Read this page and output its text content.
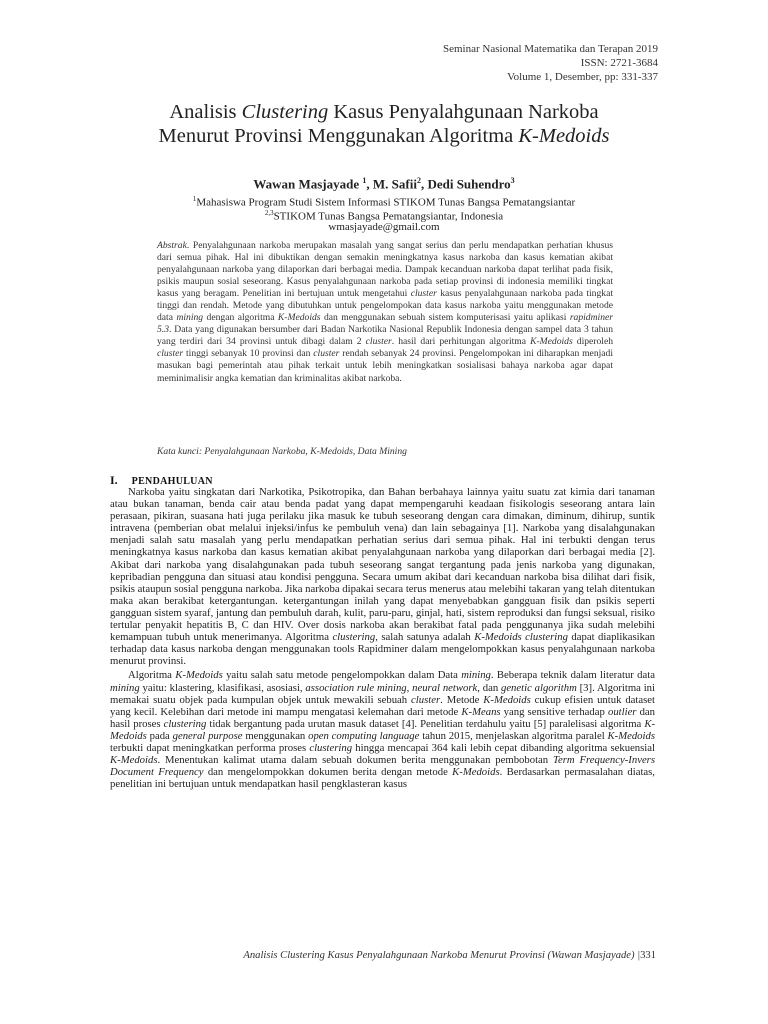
Seminar Nasional Matematika dan Terapan 2019
ISSN: 2721-3684
Volume 1, Desember, pp: 331-337
Analisis Clustering Kasus Penyalahgunaan Narkoba
Menurut Provinsi Menggunakan Algoritma K-Medoids
Wawan Masjayade $^1$, M. Safii$^2$, Dedi Suhendro$^3$
$^1$Mahasiswa Program Studi Sistem Informasi STIKOM Tunas Bangsa Pematangsiantar
$^{2,3}$STIKOM Tunas Bangsa Pematangsiantar, Indonesia
wmasjayade@gmail.com
Abstrak. Penyalahgunaan narkoba merupakan masalah yang sangat serius dan perlu mendapatkan perhatian khusus dari semua pihak. Hal ini dibuktikan dengan semakin meningkatnya kasus narkoba dan kasus kematian akibat penyalahgunaan narkoba yang dilaporkan dari berbagai media. Dampak kecanduan narkoba dapat terlihat pada fisik, psikis maupun sosial seseorang. Kasus penyalahgunaan narkoba pada setiap provinsi di indonesia memiliki tingkat kasus yang beragam. Penelitian ini bertujuan untuk mengetahui cluster kasus penyalahgunaan narkoba pada tingkat tinggi dan rendah. Metode yang dibutuhkan untuk pengelompokan data kasus narkoba yaitu menggunakan metode data mining dengan algoritma K-Medoids dan menggunakan sebuah sistem komputerisasi yaitu aplikasi rapidminer 5.3. Data yang digunakan bersumber dari Badan Narkotika Nasional Republik Indonesia dengan sampel data 3 tahun yang terdiri dari 34 provinsi untuk dibagi dalam 2 cluster. hasil dari perhitungan algoritma K-Medoids diperoleh cluster tinggi sebanyak 10 provinsi dan cluster rendah sebanyak 24 provinsi. Pengelompokan ini diharapkan menjadi masukan bagi pemerintah atau pihak terkait untuk lebih meningkatkan sosialisasi bahaya narkoba agar dapat meminimalisir angka kematian dan kriminalitas akibat narkoba.
Kata kunci: Penyalahgunaan Narkoba, K-Medoids, Data Mining
I. PENDAHULUAN

Narkoba yaitu singkatan dari Narkotika, Psikotropika, dan Bahan berbahaya lainnya yaitu suatu zat kimia dari tanaman atau bukan tanaman, benda cair atau benda padat yang dapat mempengaruhi keadaan fisikologis seseorang antara lain perasaan, pikiran, suasana hati juga perilaku jika masuk ke tubuh seseorang dengan cara dimakan, diminum, dihirup, suntik intravena (pemberian obat melalui injeksi/infus ke pembuluh vena) dan lain sebagainya [1]. Narkoba yang disalahgunakan menjadi salah satu masalah yang perlu mendapatkan perhatian serius dari semua pihak. Hal ini terbukti dengan terus meningkatnya kasus narkoba dan kasus kematian akibat penyalahgunaan narkoba yang dilaporkan dari berbagai media [2]. Akibat dari narkoba yang disalahgunakan pada tubuh seseorang sangat tergantung pada jenis narkoba yang digunakan, kepribadian pengguna dan situasi atau kondisi pengguna. Secara umum akibat dari kecanduan narkoba bisa dilihat dari fisik, psikis ataupun sosial pengguna narkoba. Jika narkoba dipakai secara terus menerus atau melebihi takaran yang telah ditentukan maka akan berakibat ketergantungan. ketergantungan inilah yang dapat menyebabkan gangguan fisik dan psikis seperti gangguan sistem syaraf, jantung dan pembuluh darah, kulit, paru-paru, ginjal, hati, sistem reproduksi dan fungsi seksual, risiko tertular penyakit hepatitis B, C dan HIV. Over dosis narkoba akan berakibat fatal pada penggunanya jika sudah melebihi kemampuan tubuh untuk menerimanya. Algoritma clustering, salah satunya adalah K-Medoids clustering dapat diaplikasikan terhadap data kasus narkoba dengan menggunakan tools Rapidminer dalam mengelompokkan kasus penyalahgunaan narkoba menurut provinsi.

Algoritma K-Medoids yaitu salah satu metode pengelompokkan dalam Data mining. Beberapa teknik dalam literatur data mining yaitu: klastering, klasifikasi, asosiasi, association rule mining, neural network, dan genetic algorithm [3]. Algoritma ini memakai suatu objek pada kumpulan objek untuk mewakili sebuah cluster. Metode K-Medoids cukup efisien untuk dataset yang kecil. Kelebihan dari metode ini mampu mengatasi kelemahan dari metode K-Means yang sensitive terhadap outlier dan hasil proses clustering tidak bergantung pada urutan masuk dataset [4]. Penelitian terdahulu yaitu [5] paralelisasi algoritma K-Medoids pada general purpose menggunakan open computing language tahun 2015, menjelaskan algoritma paralel K-Medoids terbukti dapat meningkatkan performa proses clustering hingga mencapai 364 kali lebih cepat dibanding algoritma sekuensial K-Medoids. Menentukan kalimat utama dalam sebuah dokumen berita menggunakan pembobotan Term Frequency-Invers Document Frequency dan mengelompokkan dokumen berita dengan metode K-Medoids. Berdasarkan permasalahan diatas, penelitian ini bertujuan untuk mendapatkan hasil pengklasteran kasus

Analisis Clustering Kasus Penyalahgunaan Narkoba Menurut Provinsi (Wawan Masjayade) |331
